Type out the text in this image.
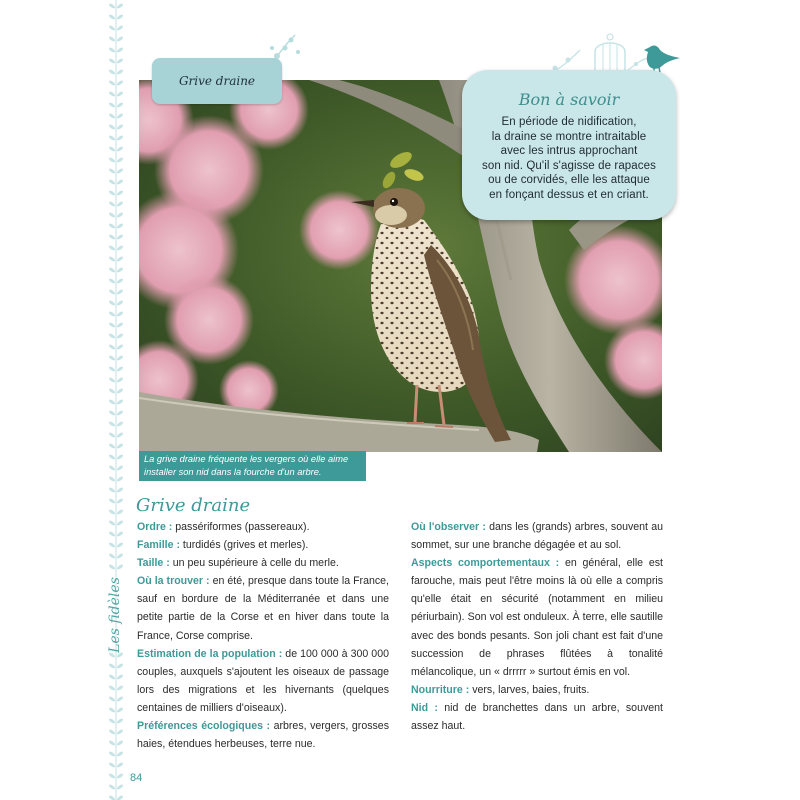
Les fidèles
Grive draine
Bon à savoir
En période de nidification,
la draine se montre intraitable
avec les intrus approchant
son nid. Qu'il s'agisse de rapaces
ou de corvidés, elle les attaque
en fonçant dessus et en criant.
La grive draine fréquente les vergers où elle aime
installer son nid dans la fourche d'un arbre.
Grive draine

Ordre : passériformes (passereaux).

Famille : turdidés (grives et merles).

Taille : un peu supérieure à celle du merle.

Où la trouver : en été, presque dans toute la France, sauf en bordure de la Méditerranée et dans une petite partie de la Corse et en hiver dans toute la France, Corse comprise.

Estimation de la population : de 100 000 à 300 000 couples, auxquels s'ajoutent les oiseaux de passage lors des migrations et les hivernants (quelques centaines de milliers d'oiseaux).

Préférences écologiques : arbres, vergers, grosses haies, étendues herbeuses, terre nue.

Où l'observer : dans les (grands) arbres, souvent au sommet, sur une branche dégagée et au sol.

Aspects comportementaux : en général, elle est farouche, mais peut l'être moins là où elle a compris qu'elle était en sécurité (notamment en milieu périurbain). Son vol est onduleux. À terre, elle sautille avec des bonds pesants. Son joli chant est fait d'une succession de phrases flûtées à tonalité mélancolique, un « drrrrr » surtout émis en vol.

Nourriture : vers, larves, baies, fruits.

Nid : nid de branchettes dans un arbre, souvent assez haut.

84
